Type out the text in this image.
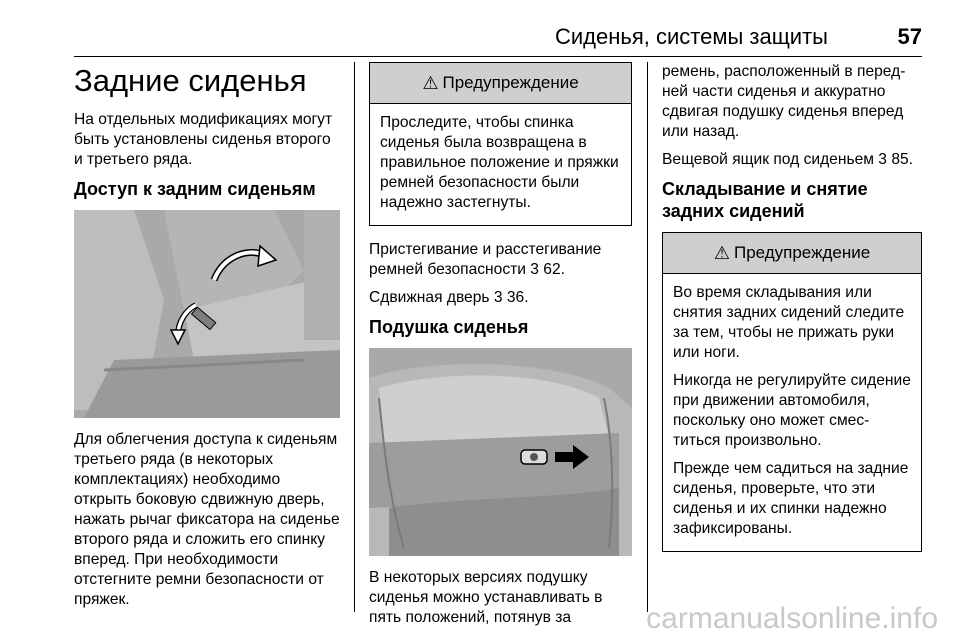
Сиденья, системы защиты	57
Задние сиденья

На отдельных модификациях могут быть установлены сиденья второго и третьего ряда.

Доступ к задним сиденьям

Для облегчения доступа к сиденьям третьего ряда (в некоторых комплектациях) необходимо открыть боковую сдвижную дверь, нажать рычаг фиксатора на сиденье второго ряда и сложить его спинку вперед. При необходимости отстегните ремни безопасности от пряжек.

⚠ Предупреждение

Проследите, чтобы спинка сиденья была возвращена в правильное положение и пряжки ремней безопасности были надежно застегнуты.

Пристегивание и расстегивание ремней безопасности 3 62.

Сдвижная дверь 3 36.

Подушка сиденья

В некоторых версиях подушку сиденья можно устанавливать в пять положений, потянув за

ремень, расположенный в передней части сиденья и аккуратно сдвигая подушку сиденья вперед или назад.

Вещевой ящик под сиденьем 3 85.

Складывание и снятие задних сидений
⚠ Предупреждение

Во время складывания или снятия задних сидений следите за тем, чтобы не прижать руки или ноги.

Никогда не регулируйте сидение при движении автомобиля, поскольку оно может сместиться произвольно.

Прежде чем садиться на задние сиденья, проверьте, что эти сиденья и их спинки надежно зафиксированы.

carmanualsonline.info
